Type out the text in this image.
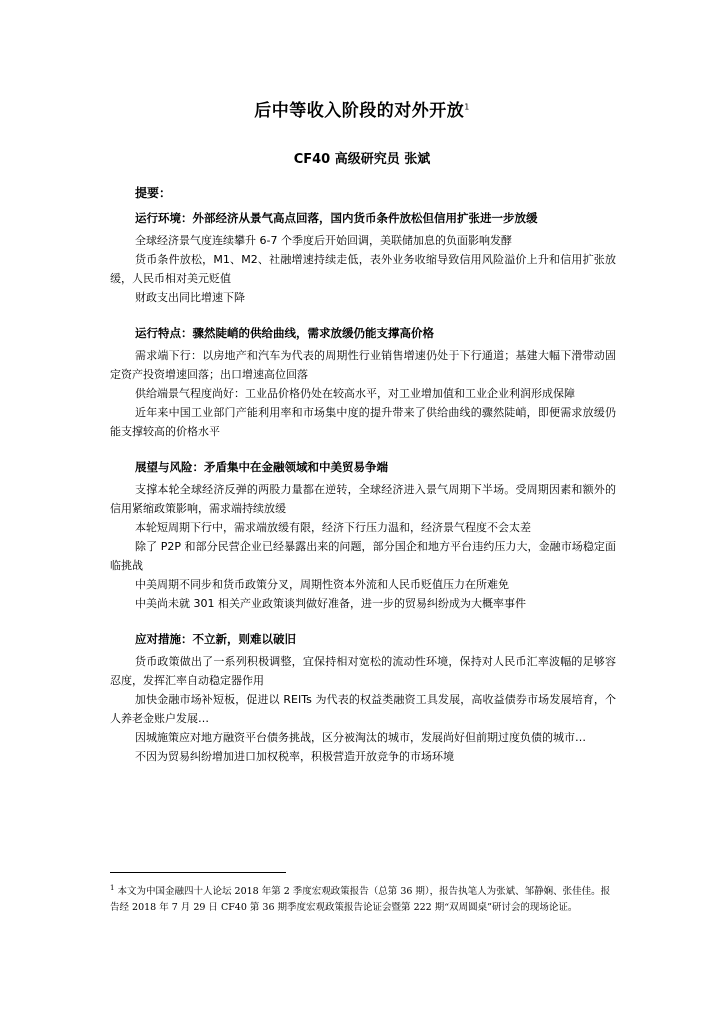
后中等收入阶段的对外开放$^1$
CF40 高级研究员 张斌
提要：
运行环境：外部经济从景气高点回落，国内货币条件放松但信用扩张进一步放缓

全球经济景气度连续攀升 6-7 个季度后开始回调，美联储加息的负面影响发酵

货币条件放松，M1、M2、社融增速持续走低，表外业务收缩导致信用风险溢价上升和信用扩张放缓，人民币相对美元贬值

财政支出同比增速下降

运行特点：骤然陡峭的供给曲线，需求放缓仍能支撑高价格

需求端下行：以房地产和汽车为代表的周期性行业销售增速仍处于下行通道；基建大幅下滑带动固定资产投资增速回落；出口增速高位回落

供给端景气程度尚好：工业品价格仍处在较高水平，对工业增加值和工业企业利润形成保障

近年来中国工业部门产能利用率和市场集中度的提升带来了供给曲线的骤然陡峭，即便需求放缓仍能支撑较高的价格水平

展望与风险：矛盾集中在金融领域和中美贸易争端

支撑本轮全球经济反弹的两股力量都在逆转，全球经济进入景气周期下半场。受周期因素和额外的信用紧缩政策影响，需求端持续放缓

本轮短周期下行中，需求端放缓有限，经济下行压力温和，经济景气程度不会太差

除了 P2P 和部分民营企业已经暴露出来的问题，部分国企和地方平台违约压力大，金融市场稳定面临挑战

中美周期不同步和货币政策分叉，周期性资本外流和人民币贬值压力在所难免

中美尚未就 301 相关产业政策谈判做好准备，进一步的贸易纠纷成为大概率事件

应对措施：不立新，则难以破旧

货币政策做出了一系列积极调整，宜保持相对宽松的流动性环境，保持对人民币汇率波幅的足够容忍度，发挥汇率自动稳定器作用

加快金融市场补短板，促进以 REITs 为代表的权益类融资工具发展，高收益债券市场发展培育，个人养老金账户发展…

因城施策应对地方融资平台债务挑战，区分被淘汰的城市，发展尚好但前期过度负债的城市…

不因为贸易纠纷增加进口加权税率，积极营造开放竞争的市场环境

$^1$ 本文为中国金融四十人论坛 2018 年第 2 季度宏观政策报告（总第 36 期），报告执笔人为张斌、邹静娴、张佳佳。报告经 2018 年 7 月 29 日 CF40 第 36 期季度宏观政策报告论证会暨第 222 期“双周圆桌”研讨会的现场论证。
